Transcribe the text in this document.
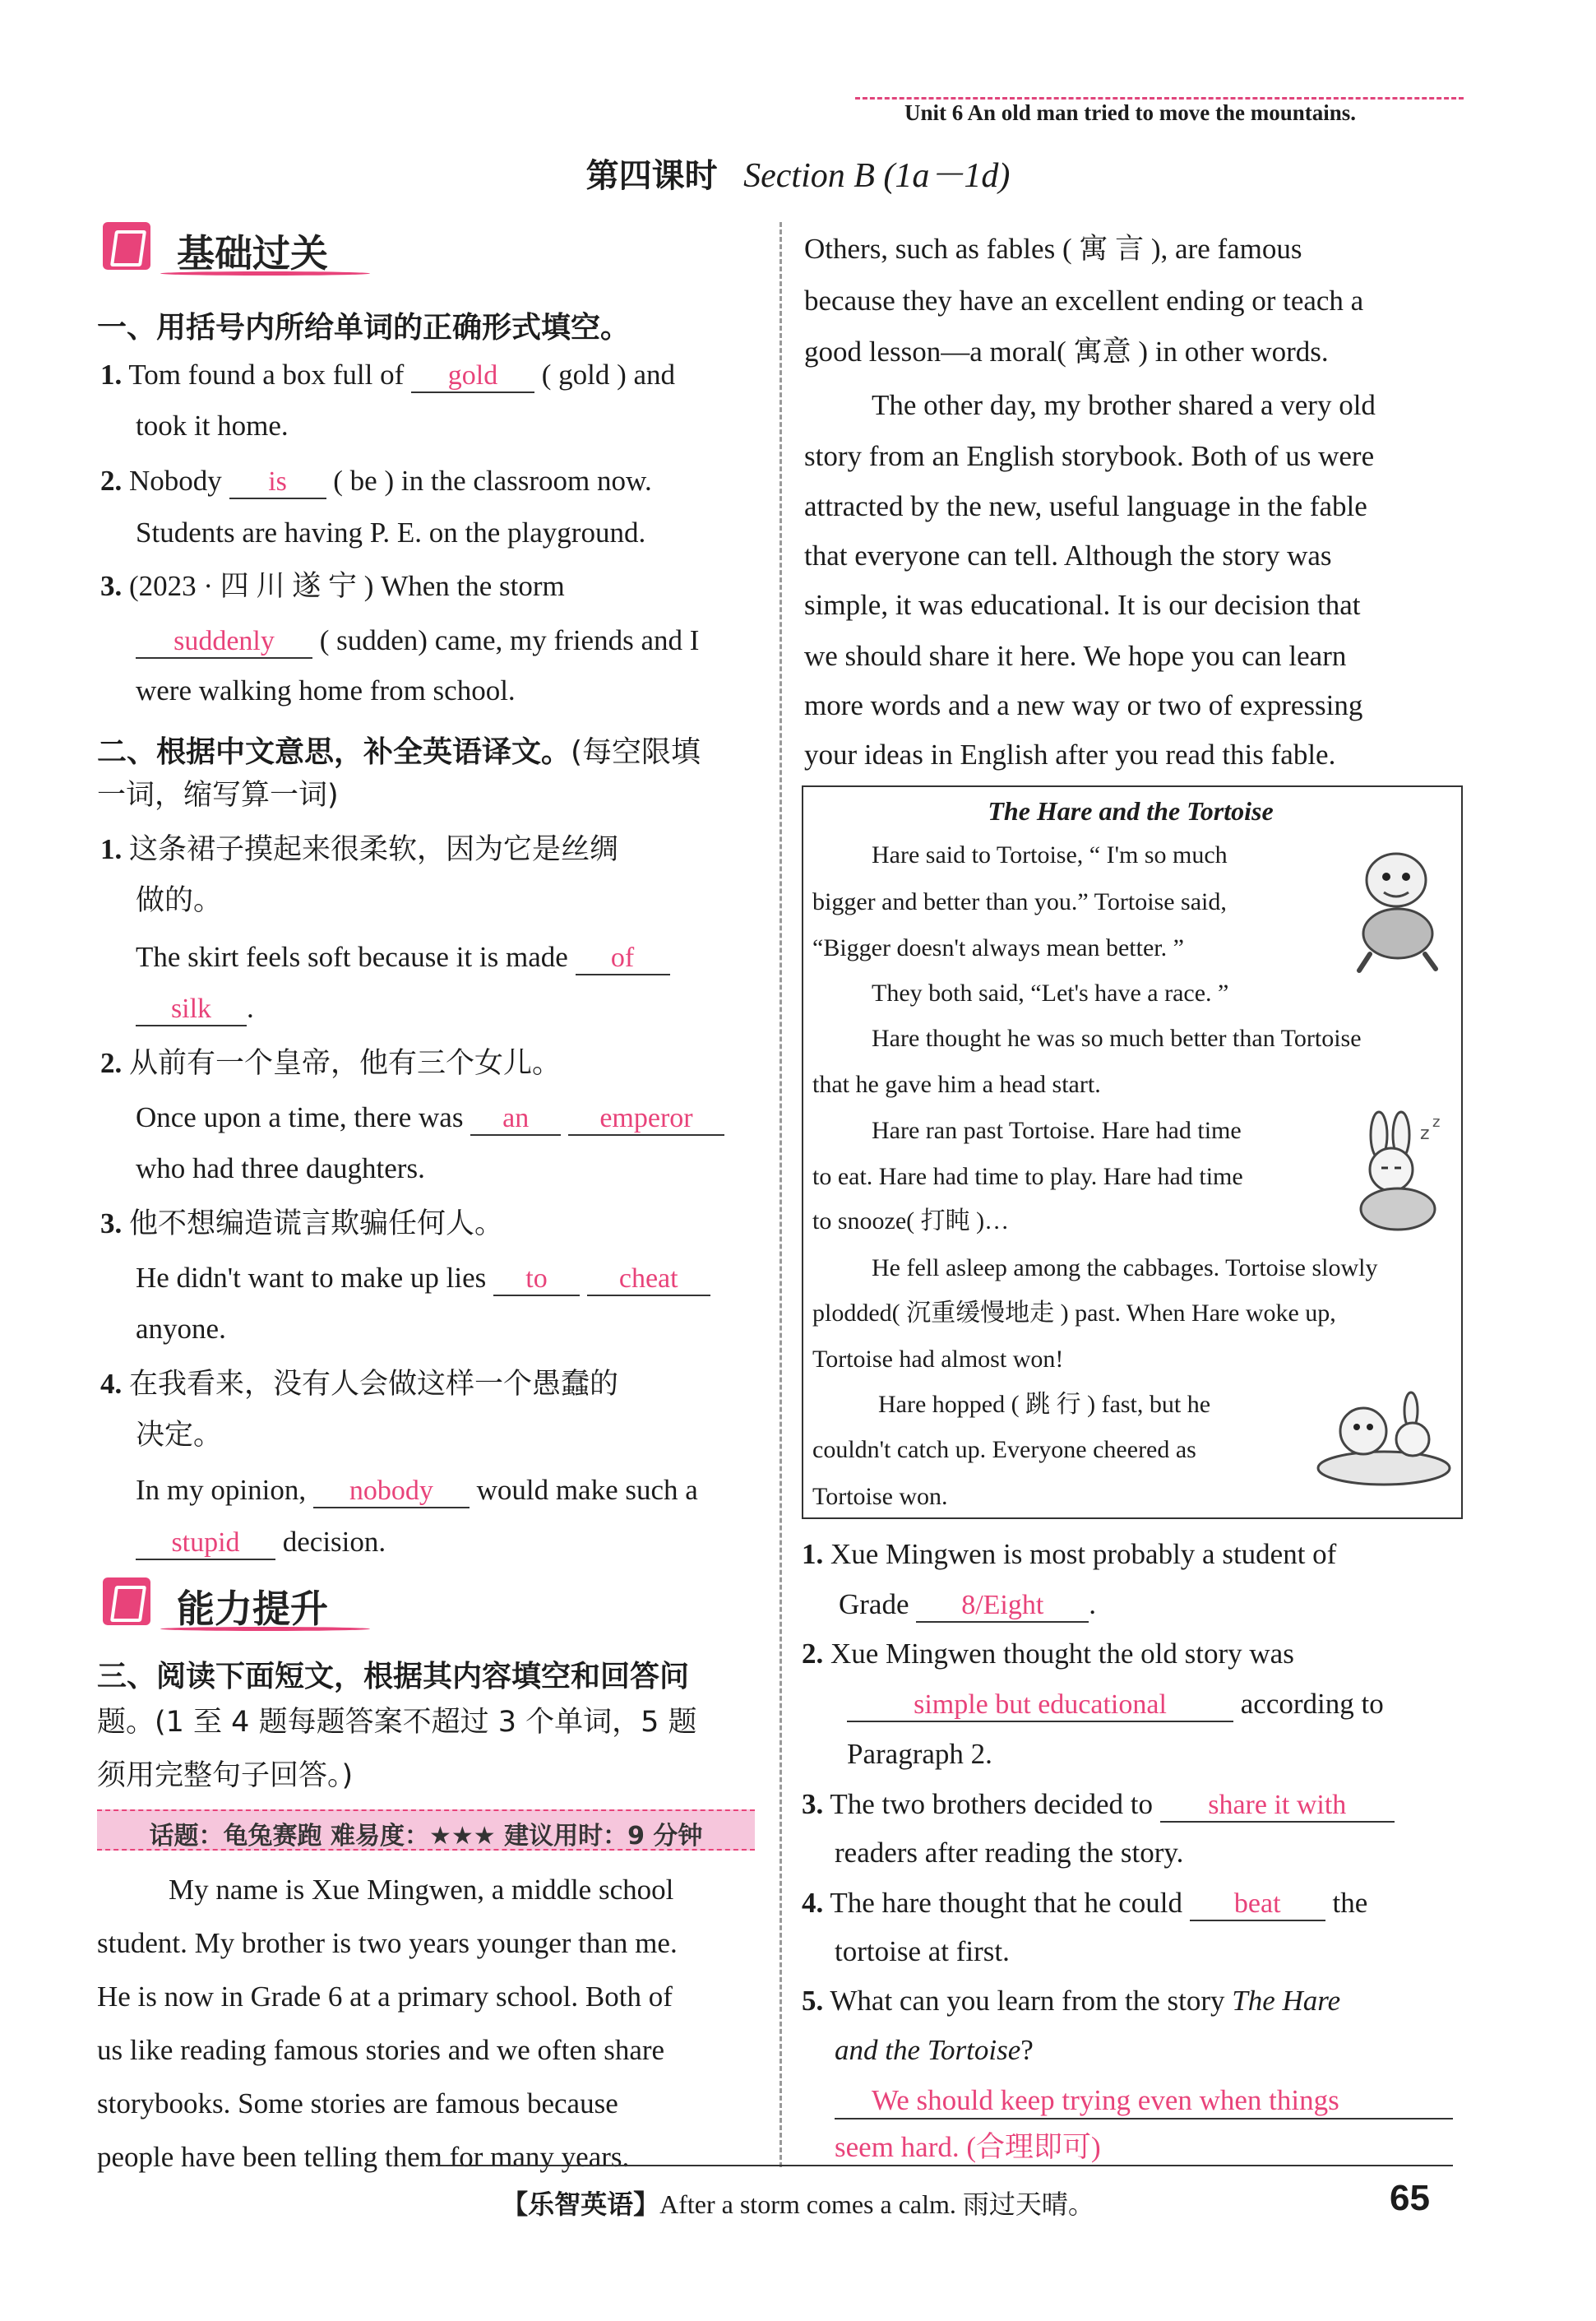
Unit 6 An old man tried to move the mountains.
第四课时 Section B (1a－1d)
基础过关
一、用括号内所给单词的正确形式填空。
1. Tom found a box full of gold ( gold ) and
took it home.
2. Nobody is ( be ) in the classroom now.
Students are having P. E. on the playground.
3. (2023 · 四 川 遂 宁 ) When the storm
suddenly ( sudden) came, my friends and I
were walking home from school.
二、根据中文意思，补全英语译文。(每空限填
一词，缩写算一词)
1. 这条裙子摸起来很柔软，因为它是丝绸
做的。
The skirt feels soft because it is made of
silk .
2. 从前有一个皇帝，他有三个女儿。
Once upon a time, there was an	emperor
who had three daughters.
3. 他不想编造谎言欺骗任何人。
He didn't want to make up lies to	cheat
anyone.
4. 在我看来，没有人会做这样一个愚蠢的
决定。
In my opinion, nobody would make such a
stupid decision.
能力提升
三、阅读下面短文，根据其内容填空和回答问
题。(1 至 4 题每题答案不超过 3 个单词，5 题
须用完整句子回答。)
话题：龟兔赛跑 难易度：★★★ 建议用时：9 分钟
My name is Xue Mingwen, a middle school
student. My brother is two years younger than me.
He is now in Grade 6 at a primary school. Both of
us like reading famous stories and we often share
storybooks. Some stories are famous because
people have been telling them for many years.
Others, such as fables ( 寓 言 ), are famous
because they have an excellent ending or teach a
good lesson—a moral( 寓意 ) in other words.
The other day, my brother shared a very old
story from an English storybook. Both of us were
attracted by the new, useful language in the fable
that everyone can tell. Although the story was
simple, it was educational. It is our decision that
we should share it here. We hope you can learn
more words and a new way or two of expressing
your ideas in English after you read this fable.
The Hare and the Tortoise
Hare said to Tortoise, “ I'm so much
bigger and better than you.” Tortoise said,
“Bigger doesn't always mean better. ”
They both said, “Let's have a race. ”
Hare thought he was so much better than Tortoise
that he gave him a head start.
Hare ran past Tortoise. Hare had time
to eat. Hare had time to play. Hare had time
to snooze( 打盹 )…
He fell asleep among the cabbages. Tortoise slowly
plodded( 沉重缓慢地走 ) past. When Hare woke up,
Tortoise had almost won!
Hare hopped ( 跳 行 ) fast, but he
couldn't catch up. Everyone cheered as
Tortoise won.
z
z
1. Xue Mingwen is most probably a student of
Grade 8/Eight .
2. Xue Mingwen thought the old story was
simple but educational	according to
Paragraph 2.
3. The two brothers decided to share it with
readers after reading the story.
4. The hare thought that he could beat the
tortoise at first.
5. What can you learn from the story The Hare
and the Tortoise?
We should keep trying even when things
seem hard. (合理即可)
【乐智英语】After a storm comes a calm. 雨过天晴。	65
